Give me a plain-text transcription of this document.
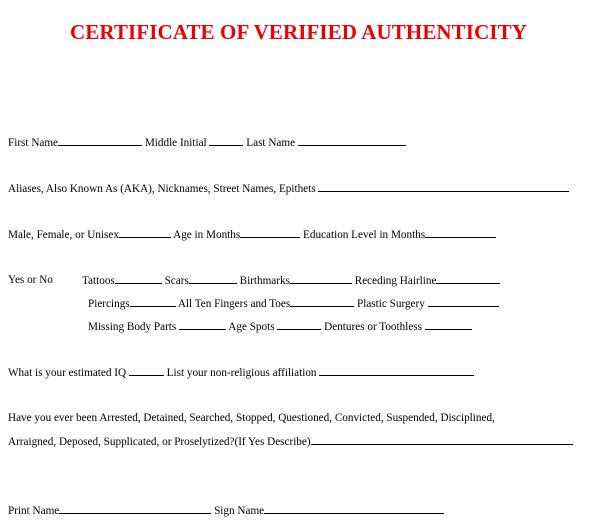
CERTIFICATE OF VERIFIED AUTHENTICITY
First Name	Middle Initial	Last Name
Aliases, Also Known As (AKA), Nicknames, Street Names, Epithets
Male, Female, or Unisex	Age in Months	Education Level in Months
Yes or No	Tattoos	Scars	Birthmarks	Receding Hairline
Piercings	All Ten Fingers and Toes	Plastic Surgery
Missing Body Parts	Age Spots	Dentures or Toothless
What is your estimated IQ	List your non-religious affiliation
Have you ever been Arrested, Detained, Searched, Stopped, Questioned, Convicted, Suspended, Disciplined,
Arraigned, Deposed, Supplicated, or Proselytized?(If Yes Describe)
Print Name	Sign Name
